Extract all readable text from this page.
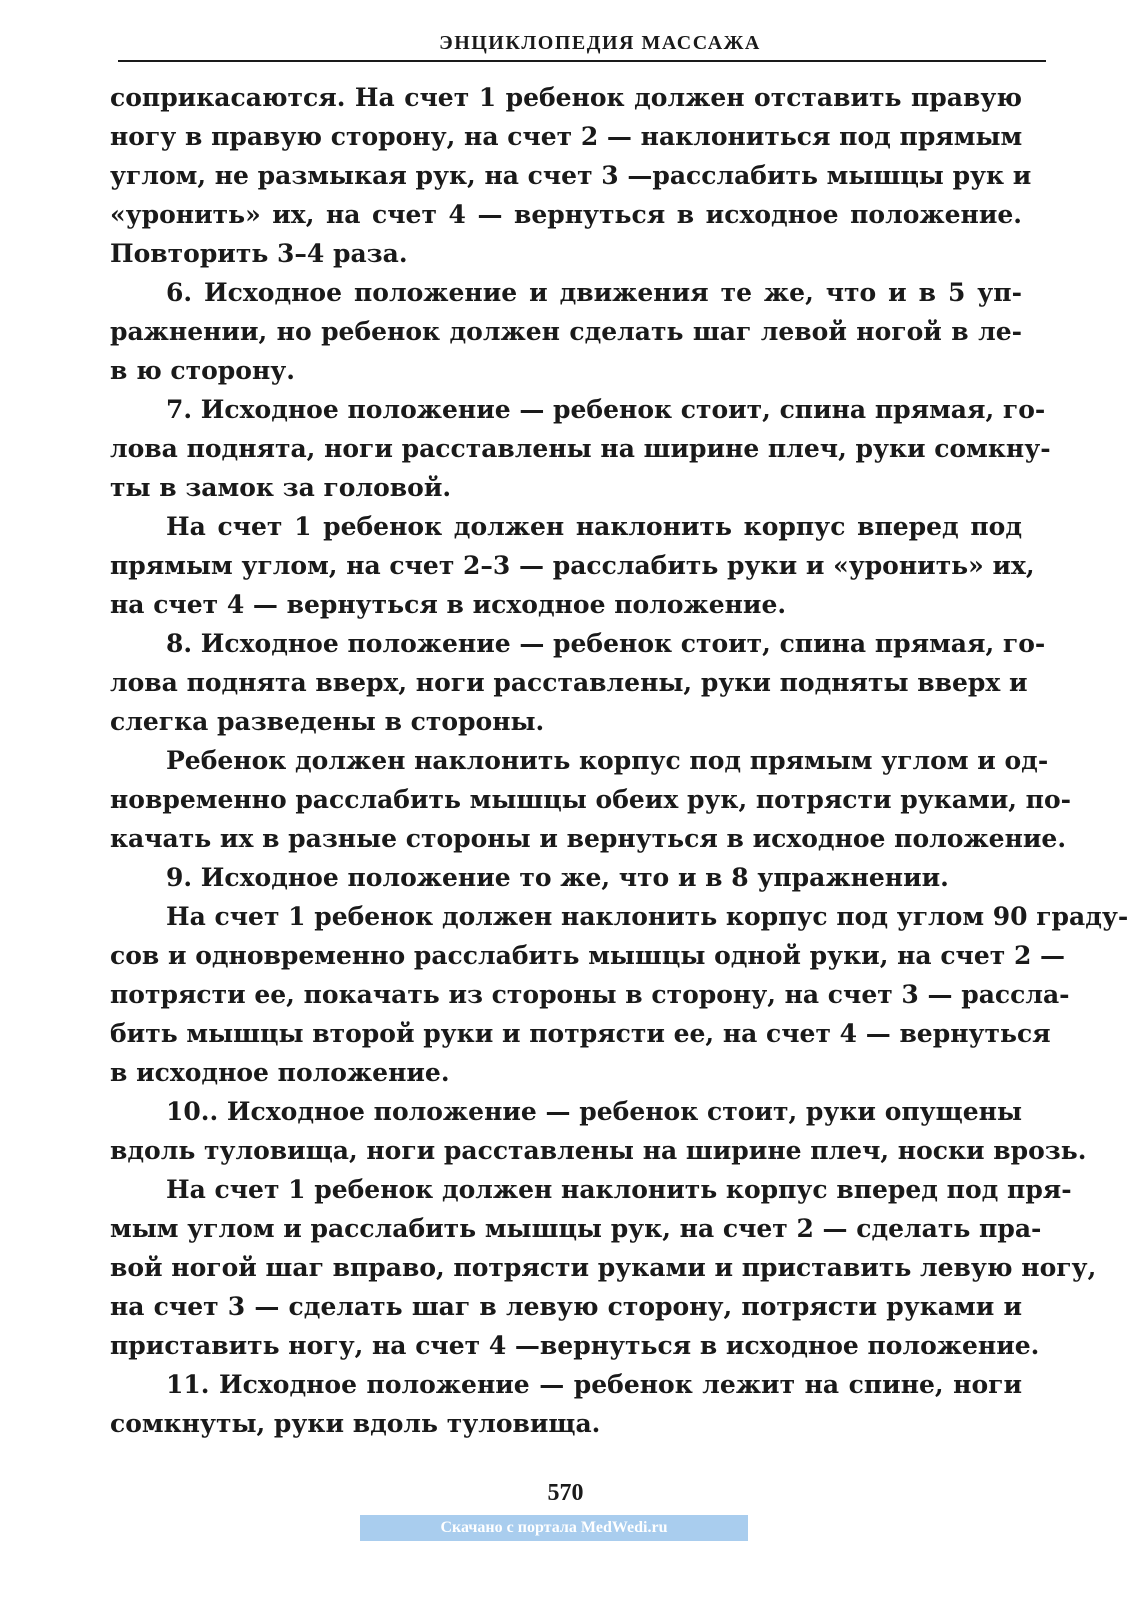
ЭНЦИКЛОПЕДИЯ МАССАЖА
соприкасаются. На счет 1 ребенок должен отставить правую
ногу в правую сторону, на счет 2 — наклониться под прямым
углом, не размыкая рук, на счет 3 —расслабить мышцы рук и
«уронить» их, на счет 4 — вернуться в исходное положение.
Повторить 3–4 раза.
6. Исходное положение и движения те же, что и в 5 уп-
ражнении, но ребенок должен сделать шаг левой ногой в ле-
в ю сторону.
7. Исходное положение — ребенок стоит, спина прямая, го-
лова поднята, ноги расставлены на ширине плеч, руки сомкну-
ты в замок за головой.
На счет 1 ребенок должен наклонить корпус вперед под
прямым углом, на счет 2–3 — расслабить руки и «уронить» их,
на счет 4 — вернуться в исходное положение.
8. Исходное положение — ребенок стоит, спина прямая, го-
лова поднята вверх, ноги расставлены, руки подняты вверх и
слегка разведены в стороны.
Ребенок должен наклонить корпус под прямым углом и од-
новременно расслабить мышцы обеих рук, потрясти руками, по-
качать их в разные стороны и вернуться в исходное положение.
9. Исходное положение то же, что и в 8 упражнении.
На счет 1 ребенок должен наклонить корпус под углом 90 граду-
сов и одновременно расслабить мышцы одной руки, на счет 2 —
потрясти ее, покачать из стороны в сторону, на счет 3 — рассла-
бить мышцы второй руки и потрясти ее, на счет 4 — вернуться
в исходное положение.
10.. Исходное положение — ребенок стоит, руки опущены
вдоль туловища, ноги расставлены на ширине плеч, носки врозь.
На счет 1 ребенок должен наклонить корпус вперед под пря-
мым углом и расслабить мышцы рук, на счет 2 — сделать пра-
вой ногой шаг вправо, потрясти руками и приставить левую ногу,
на счет 3 — сделать шаг в левую сторону, потрясти руками и
приставить ногу, на счет 4 —вернуться в исходное положение.
11. Исходное положение — ребенок лежит на спине, ноги
сомкнуты, руки вдоль туловища.
570
Скачано с портала MedWedi.ru
